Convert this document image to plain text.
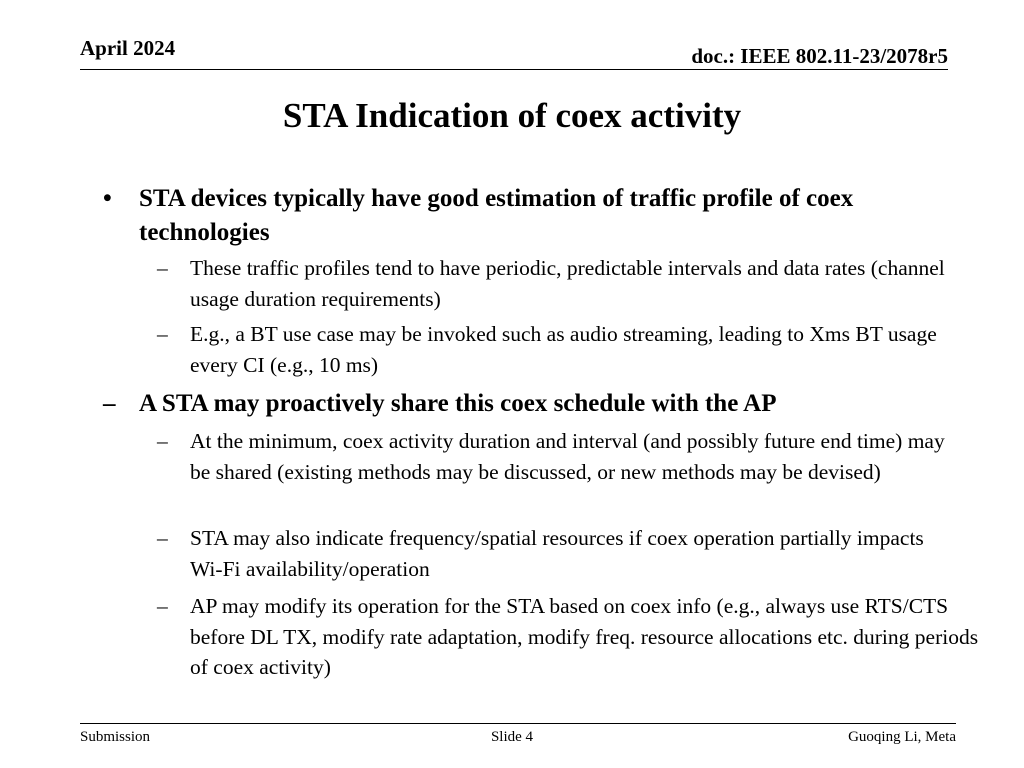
April 2024	doc.: IEEE 802.11-23/2078r5
STA Indication of coex activity
• STA devices typically have good estimation of traffic profile of coex technologies
– These traffic profiles tend to have periodic, predictable intervals and data rates (channel usage duration requirements)
– E.g., a BT use case may be invoked such as audio streaming, leading to Xms BT usage every CI (e.g., 10 ms)
– A STA may proactively share this coex schedule with the AP
– At the minimum, coex activity duration and interval (and possibly future end time) may be shared (existing methods may be discussed, or new methods may be devised)
– STA may also indicate frequency/spatial resources if coex operation partially impacts Wi-Fi availability/operation
– AP may modify its operation for the STA based on coex info (e.g., always use RTS/CTS before DL TX, modify rate adaptation, modify freq. resource allocations etc. during periods of coex activity)
Submission	Slide 4	Guoqing Li, Meta
